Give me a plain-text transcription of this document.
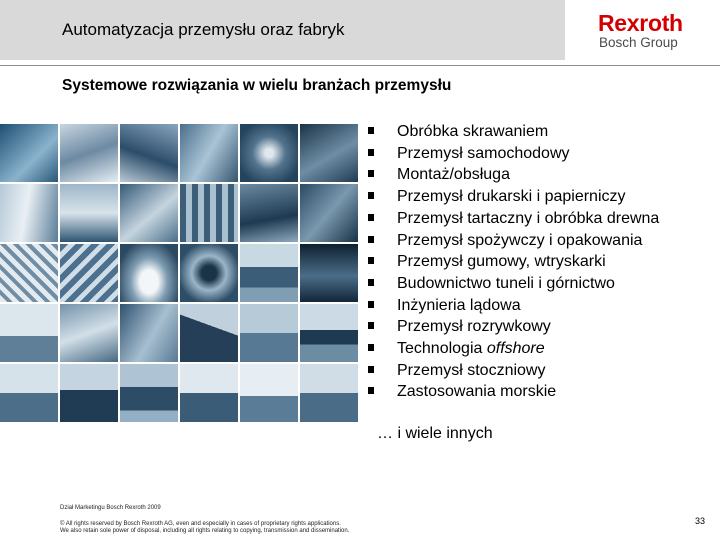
Automatyzacja przemysłu oraz fabryk	Rexroth
Bosch Group
Systemowe rozwiązania w wielu branżach przemysłu
Obróbka skrawaniem
Przemysł samochodowy
Montaż/obsługa
Przemysł drukarski i papierniczy
Przemysł tartaczny i obróbka drewna
Przemysł spożywczy i opakowania
Przemysł gumowy, wtryskarki
Budownictwo tuneli i górnictwo
Inżynieria lądowa
Przemysł rozrywkowy
Technologia offshore
Przemysł stoczniowy
Zastosowania morskie
… i wiele innych
Dział Marketingu Bosch Rexroth 2009
© All rights reserved by Bosch Rexroth AG, even and especially in cases of proprietary rights applications.
We also retain sole power of disposal, including all rights relating to copying, transmission and dissemination.
33
